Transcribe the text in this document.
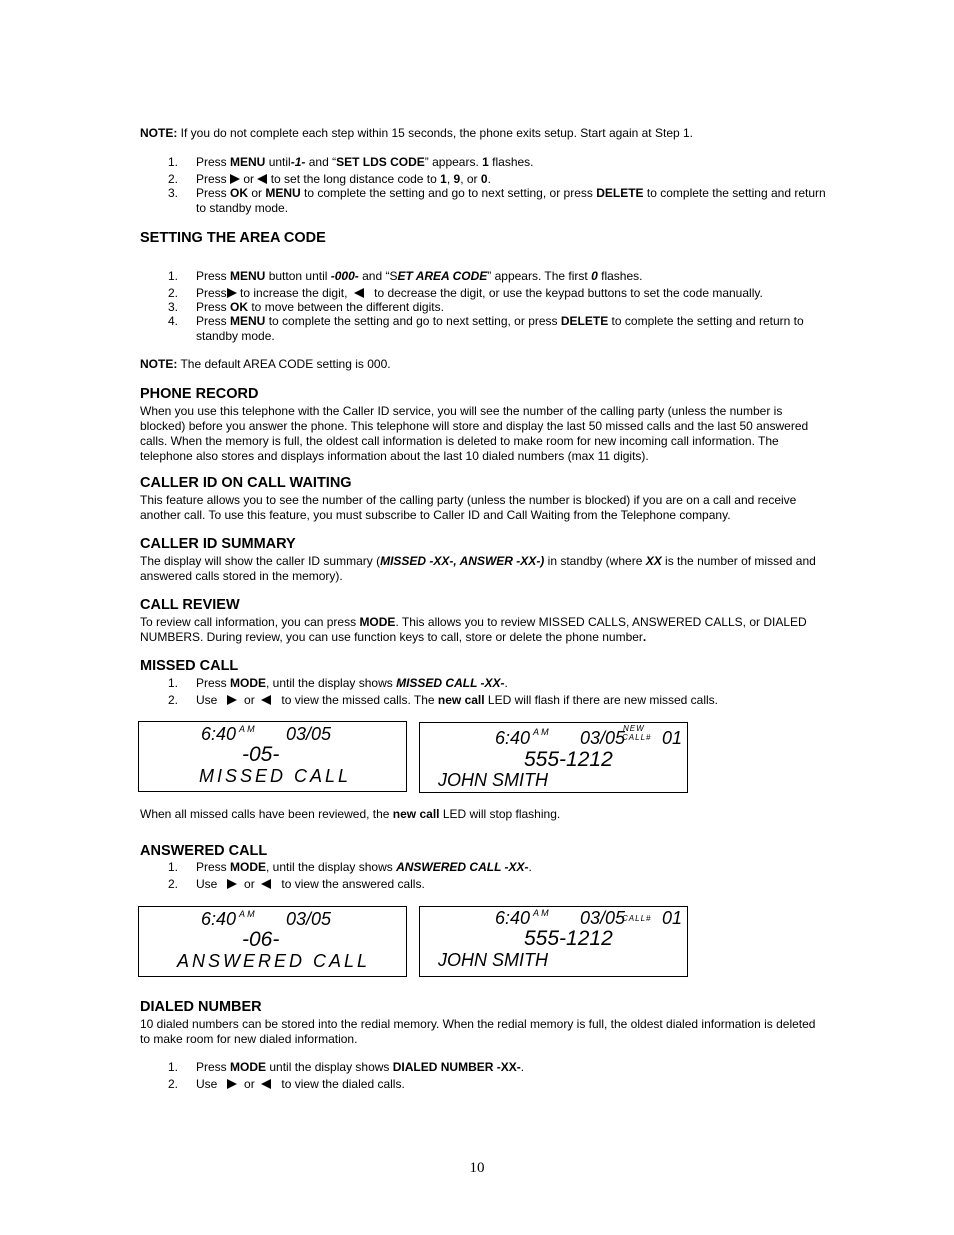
NOTE: If you do not complete each step within 15 seconds, the phone exits setup. Start again at Step 1.
1.	Press MENU until-1- and “SET LDS CODE” appears. 1 flashes.
2.	Press  or  to set the long distance code to 1, 9, or 0.
3.	Press OK or MENU to complete the setting and go to next setting, or press DELETE to complete the setting and return to standby mode.
SETTING THE AREA CODE
1.	Press MENU button until -000- and “SET AREA CODE” appears. The first 0 flashes.
2.	Press to increase the digit,     to decrease the digit, or use the keypad buttons to set the code manually.
3.	Press OK to move between the different digits.
4.	Press MENU to complete the setting and go to next setting, or press DELETE to complete the setting and return to standby mode.
NOTE: The default AREA CODE setting is 000.
PHONE RECORD
When you use this telephone with the Caller ID service, you will see the number of the calling party (unless the number is blocked) before you answer the phone. This telephone will store and display the last 50 missed calls and the last 50 answered calls. When the memory is full, the oldest call information is deleted to make room for new incoming call information. The telephone also stores and displays information about the last 10 dialed numbers (max 11 digits).
CALLER ID ON CALL WAITING
This feature allows you to see the number of the calling party (unless the number is blocked) if you are on a call and receive another call. To use this feature, you must subscribe to Caller ID and Call Waiting from the Telephone company.
CALLER ID SUMMARY
The display will show the caller ID summary (MISSED -XX-, ANSWER -XX-) in standby (where XX is the number of missed and answered calls stored in the memory).
CALL REVIEW
To review call information, you can press MODE. This allows you to review MISSED CALLS, ANSWERED CALLS, or DIALED NUMBERS. During review, you can use function keys to call, store or delete the phone number.
MISSED CALL
1.	Press MODE, until the display shows MISSED CALL -XX-.
2.	Use     or     to view the missed calls. The new call LED will flash if there are new missed calls.
6:40 A M 03/05
-05-
MISSED CALL
6:40 A M 03/05
NEW
CALL# 01
555-1212
JOHN SMITH
When all missed calls have been reviewed, the new call LED will stop flashing.
ANSWERED CALL
1.	Press MODE, until the display shows ANSWERED CALL -XX-.
2.	Use     or     to view the answered calls.
6:40 A M 03/05
-06-
ANSWERED CALL
6:40 A M 03/05
CALL# 01
555-1212
JOHN SMITH
DIALED NUMBER
10 dialed numbers can be stored into the redial memory. When the redial memory is full, the oldest dialed information is deleted to make room for new dialed information.
1.	Press MODE until the display shows DIALED NUMBER -XX-.
2.	Use     or     to view the dialed calls.
10
